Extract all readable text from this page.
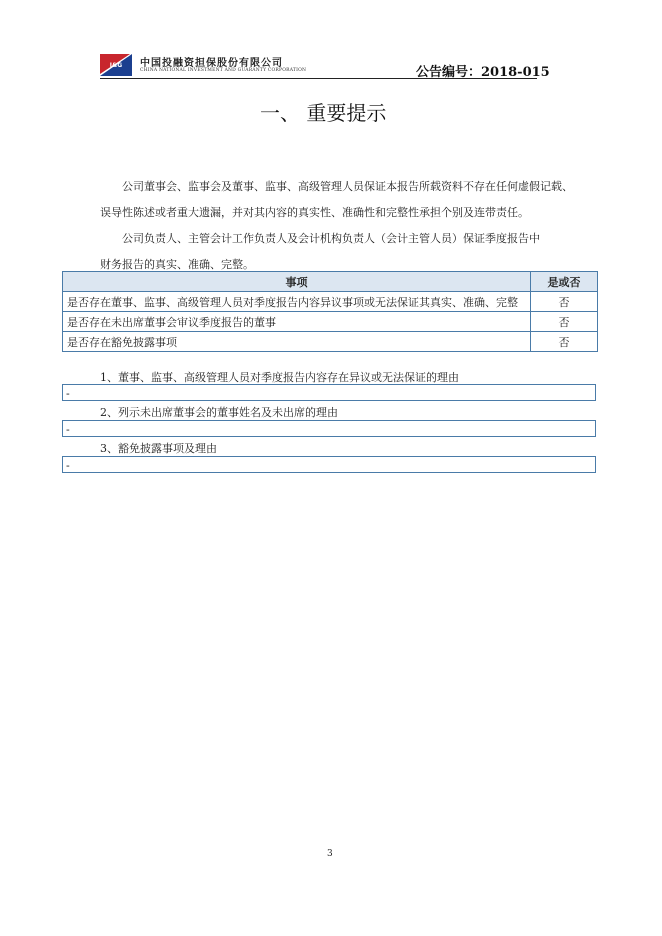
I&G 中国投融资担保股份有限公司
CHINA NATIONAL INVESTMENT AND GUARANTY CORPORATION	公告编号：2018-015
一、 重要提示
公司董事会、监事会及董事、监事、高级管理人员保证本报告所载资料不存在任何虚假记载、
误导性陈述或者重大遗漏，并对其内容的真实性、准确性和完整性承担个别及连带责任。
公司负责人、主管会计工作负责人及会计机构负责人（会计主管人员）保证季度报告中
财务报告的真实、准确、完整。
事项	是或否
是否存在董事、监事、高级管理人员对季度报告内容异议事项或无法保证其真实、准确、完整	否
是否存在未出席董事会审议季度报告的董事	否
是否存在豁免披露事项	否
1、董事、监事、高级管理人员对季度报告内容存在异议或无法保证的理由
-
2、列示未出席董事会的董事姓名及未出席的理由
-
3、豁免披露事项及理由
-
3
